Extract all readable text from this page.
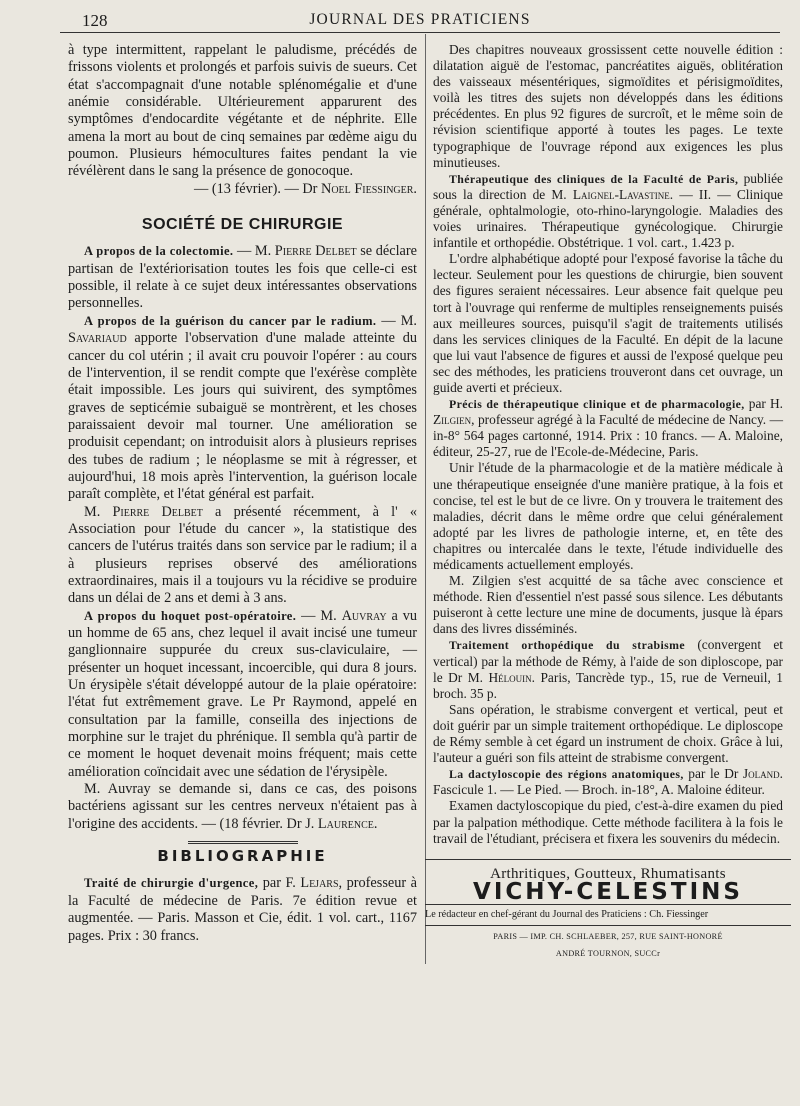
128	JOURNAL DES PRATICIENS

à type intermittent, rappelant le paludisme, précédés de frissons violents et prolongés et parfois suivis de sueurs. Cet état s'accompagnait d'une notable splénomégalie et d'une anémie considérable. Ultérieurement apparurent des symptômes d'endocardite végétante et de néphrite. Elle amena la mort au bout de cinq semaines par œdème aigu du poumon. Plusieurs hémocultures faites pendant la vie révélèrent dans le sang la présence de gonocoque.

— (13 février). — Dr Noel Fiessinger.

SOCIÉTÉ DE CHIRURGIE

A propos de la colectomie. — M. Pierre Delbet se déclare partisan de l'extériorisation toutes les fois que celle-ci est possible, il relate à ce sujet deux intéressantes observations personnelles.

A propos de la guérison du cancer par le radium. — M. Savariaud apporte l'observation d'une malade atteinte du cancer du col utérin ; il avait cru pouvoir l'opérer : au cours de l'intervention, il se rendit compte que l'exérèse complète était impossible. Les jours qui suivirent, des symptômes graves de septicémie subaiguë se montrèrent, et les choses paraissaient devoir mal tourner. Une amélioration se produisit cependant; on introduisit alors à plusieurs reprises des tubes de radium ; le néoplasme se mit à régresser, et aujourd'hui, 18 mois après l'intervention, la guérison locale paraît complète, et l'état général est parfait.

M. Pierre Delbet a présenté récemment, à l' « Association pour l'étude du cancer », la statistique des cancers de l'utérus traités dans son service par le radium; il a à plusieurs reprises observé des améliorations extraordinaires, mais il a toujours vu la récidive se produire dans un délai de 2 ans et demi à 3 ans.

A propos du hoquet post-opératoire. — M. Auvray a vu un homme de 65 ans, chez lequel il avait incisé une tumeur ganglionnaire suppurée du creux sus-claviculaire, — présenter un hoquet incessant, incoercible, qui dura 8 jours. Un érysipèle s'était développé autour de la plaie opératoire: l'état fut extrêmement grave. Le Pr Raymond, appelé en consultation par la famille, conseilla des injections de morphine sur le trajet du phrénique. Il sembla qu'à partir de ce moment le hoquet devenait moins fréquent; mais cette amélioration coïncidait avec une sédation de l'érysipèle.

M. Auvray se demande si, dans ce cas, des poisons bactériens agissant sur les centres nerveux n'étaient pas à l'origine des accidents. — (18 février. Dr J. Laurence.

BIBLIOGRAPHIE

Traité de chirurgie d'urgence, par F. Lejars, professeur à la Faculté de médecine de Paris. 7e édition revue et augmentée. — Paris. Masson et Cie, édit. 1 vol. cart., 1167 pages. Prix : 30 francs.

Des chapitres nouveaux grossissent cette nouvelle édition : dilatation aiguë de l'estomac, pancréatites aiguës, oblitération des vaisseaux mésentériques, sigmoïdites et périsigmoïdites, voilà les titres des sujets non développés dans les éditions précédentes. En plus 92 figures de surcroît, et le même soin de révision scientifique apporté à toutes les pages. Le texte typographique de l'ouvrage répond aux exigences les plus minutieuses.

Thérapeutique des cliniques de la Faculté de Paris, publiée sous la direction de M. Laignel-Lavastine. — II. — Clinique générale, ophtalmologie, oto-rhino-laryngologie. Maladies des voies urinaires. Thérapeutique gynécologique. Chirurgie infantile et orthopédie. Obstétrique. 1 vol. cart., 1.423 p.

L'ordre alphabétique adopté pour l'exposé favorise la tâche du lecteur. Seulement pour les questions de chirurgie, bien souvent des figures seraient nécessaires. Leur absence fait quelque peu tort à l'ouvrage qui renferme de multiples renseignements puisés aux meilleures sources, puisqu'il s'agit de traitements utilisés dans les services cliniques de la Faculté. En dépit de la lacune que lui vaut l'absence de figures et aussi de l'exposé quelque peu sec des méthodes, les praticiens trouveront dans cet ouvrage, un guide averti et précieux.

Précis de thérapeutique clinique et de pharmacologie, par H. Zilgien, professeur agrégé à la Faculté de médecine de Nancy. — in-8° 564 pages cartonné, 1914. Prix : 10 francs. — A. Maloine, éditeur, 25-27, rue de l'Ecole-de-Médecine, Paris.

Unir l'étude de la pharmacologie et de la matière médicale à une thérapeutique enseignée d'une manière pratique, à la fois et concise, tel est le but de ce livre. On y trouvera le traitement des maladies, décrit dans le même ordre que celui généralement adopté par les livres de pathologie interne, et, en tête des chapitres ou intercalée dans le texte, l'étude individuelle des médicaments actuellement employés.

M. Zilgien s'est acquitté de sa tâche avec conscience et méthode. Rien d'essentiel n'est passé sous silence. Les débutants puiseront à cette lecture une mine de documents, jusque là épars dans des livres disséminés.

Traitement orthopédique du strabisme (convergent et vertical) par la méthode de Rémy, à l'aide de son diploscope, par le Dr M. Hélouin. Paris, Tancrède typ., 15, rue de Verneuil, 1 broch. 35 p.

Sans opération, le strabisme convergent et vertical, peut et doit guérir par un simple traitement orthopédique. Le diploscope de Rémy semble à cet égard un instrument de choix. Grâce à lui, l'auteur a guéri son fils atteint de strabisme convergent.

La dactyloscopie des régions anatomiques, par le Dr Joland. Fascicule 1. — Le Pied. — Broch. in-18°, A. Maloine éditeur.

Examen dactyloscopique du pied, c'est-à-dire examen du pied par la palpation méthodique. Cette méthode facilitera à la fois le travail de l'étudiant, précisera et fixera les souvenirs du médecin.

Arthritiques, Goutteux, Rhumatisants
VICHY-CELESTINS
Le rédacteur en chef-gérant du Journal des Praticiens : Ch. Fiessinger
PARIS — IMP. CH. SCHLAEBER, 257, RUE SAINT-HONORÉ
ANDRÉ TOURNON, SUCCr
